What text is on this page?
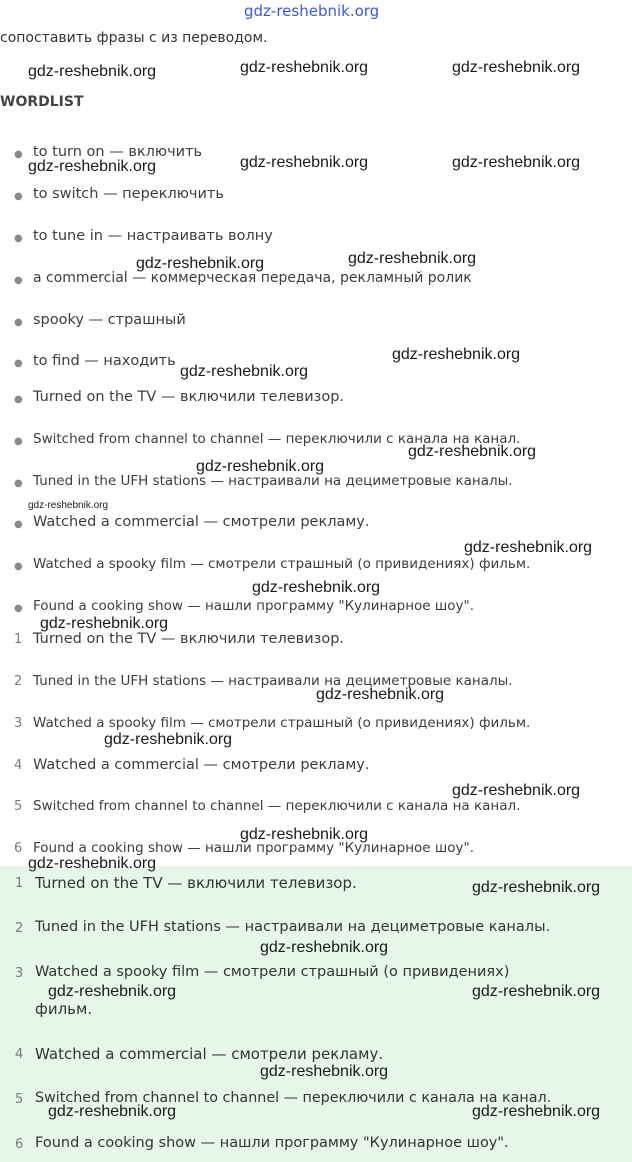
gdz-reshebnik.org
сопоставить фразы с из переводом.
WORDLIST
● to turn on — включить
● to switch — переключить
● to tune in — настраивать волну
● a commercial — коммерческая передача, рекламный ролик
● spooky — страшный
● to find — находить
● Turned on the TV — включили телевизор.
● Switched from channel to channel — переключили с канала на канал.
● Tuned in the UFH stations — настраивали на дециметровые каналы.
● Watched a commercial — смотрели рекламу.
● Watched a spooky film — смотрели страшный (о привидениях) фильм.
● Found a cooking show — нашли программу "Кулинарное шоу".
1 Turned on the TV — включили телевизор.
2 Tuned in the UFH stations — настраивали на дециметровые каналы.
3 Watched a spooky film — смотрели страшный (о привидениях) фильм.
4 Watched a commercial — смотрели рекламу.
5 Switched from channel to channel — переключили с канала на канал.
6 Found a cooking show — нашли программу "Кулинарное шоу".
1 Turned on the TV — включили телевизор.
2 Tuned in the UFH stations — настраивали на дециметровые каналы.
3 Watched a spooky film — смотрели страшный (о привидениях)
фильм.
4 Watched a commercial — смотрели рекламу.
5 Switched from channel to channel — переключили с канала на канал.
6 Found a cooking show — нашли программу "Кулинарное шоу".
gdz-reshebnik.org	gdz-reshebnik.org	gdz-reshebnik.org
gdz-reshebnik.org	gdz-reshebnik.org	gdz-reshebnik.org
gdz-reshebnik.org	gdz-reshebnik.org
gdz-reshebnik.org
gdz-reshebnik.org
gdz-reshebnik.org
gdz-reshebnik.org
gdz-reshebnik.org
gdz-reshebnik.org
gdz-reshebnik.org
gdz-reshebnik.org
gdz-reshebnik.org
gdz-reshebnik.org
gdz-reshebnik.org
gdz-reshebnik.org
gdz-reshebnik.org
gdz-reshebnik.org
gdz-reshebnik.org
gdz-reshebnik.org	gdz-reshebnik.org
gdz-reshebnik.org
gdz-reshebnik.org	gdz-reshebnik.org
